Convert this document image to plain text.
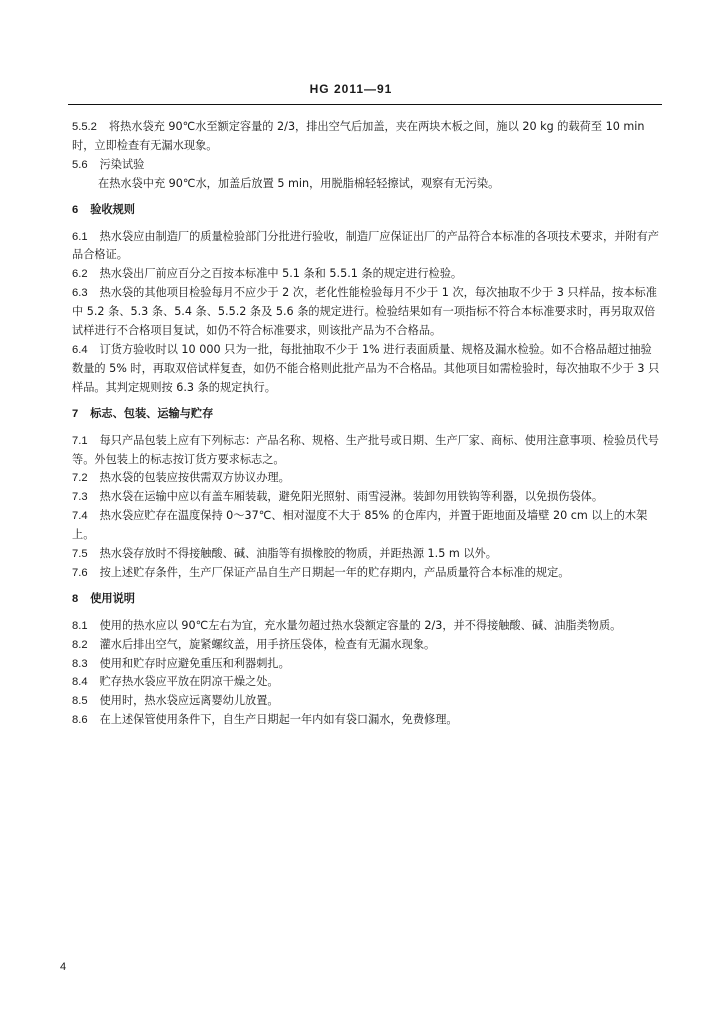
HG 2011—91

5.5.2 将热水袋充 90℃水至额定容量的 2/3，排出空气后加盖，夹在两块木板之间，施以 20 kg 的载荷至 10 min 时，立即检查有无漏水现象。

5.6 污染试验

在热水袋中充 90℃水，加盖后放置 5 min，用脱脂棉轻轻擦试，观察有无污染。

6 验收规则

6.1 热水袋应由制造厂的质量检验部门分批进行验收，制造厂应保证出厂的产品符合本标准的各项技术要求，并附有产品合格证。

6.2 热水袋出厂前应百分之百按本标准中 5.1 条和 5.5.1 条的规定进行检验。

6.3 热水袋的其他项目检验每月不应少于 2 次，老化性能检验每月不少于 1 次，每次抽取不少于 3 只样品，按本标准中 5.2 条、5.3 条、5.4 条、5.5.2 条及 5.6 条的规定进行。检验结果如有一项指标不符合本标准要求时，再另取双倍试样进行不合格项目复试，如仍不符合标准要求，则该批产品为不合格品。

6.4 订货方验收时以 10 000 只为一批，每批抽取不少于 1% 进行表面质量、规格及漏水检验。如不合格品超过抽验数量的 5% 时，再取双倍试样复查，如仍不能合格则此批产品为不合格品。其他项目如需检验时，每次抽取不少于 3 只样品。其判定规则按 6.3 条的规定执行。

7 标志、包装、运输与贮存

7.1 每只产品包装上应有下列标志：产品名称、规格、生产批号或日期、生产厂家、商标、使用注意事项、检验员代号等。外包装上的标志按订货方要求标志之。

7.2 热水袋的包装应按供需双方协议办理。

7.3 热水袋在运输中应以有盖车厢装载，避免阳光照射、雨雪浸淋。装卸勿用铁钩等利器，以免损伤袋体。

7.4 热水袋应贮存在温度保持 0～37℃、相对湿度不大于 85% 的仓库内，并置于距地面及墙壁 20 cm 以上的木架上。

7.5 热水袋存放时不得接触酸、碱、油脂等有损橡胶的物质，并距热源 1.5 m 以外。

7.6 按上述贮存条件，生产厂保证产品自生产日期起一年的贮存期内，产品质量符合本标准的规定。

8 使用说明

8.1 使用的热水应以 90℃左右为宜，充水量勿超过热水袋额定容量的 2/3，并不得接触酸、碱、油脂类物质。

8.2 灌水后排出空气，旋紧螺纹盖，用手挤压袋体，检查有无漏水现象。

8.3 使用和贮存时应避免重压和利器刺扎。

8.4 贮存热水袋应平放在阴凉干燥之处。

8.5 使用时，热水袋应远离婴幼儿放置。

8.6 在上述保管使用条件下，自生产日期起一年内如有袋口漏水，免费修理。

4
